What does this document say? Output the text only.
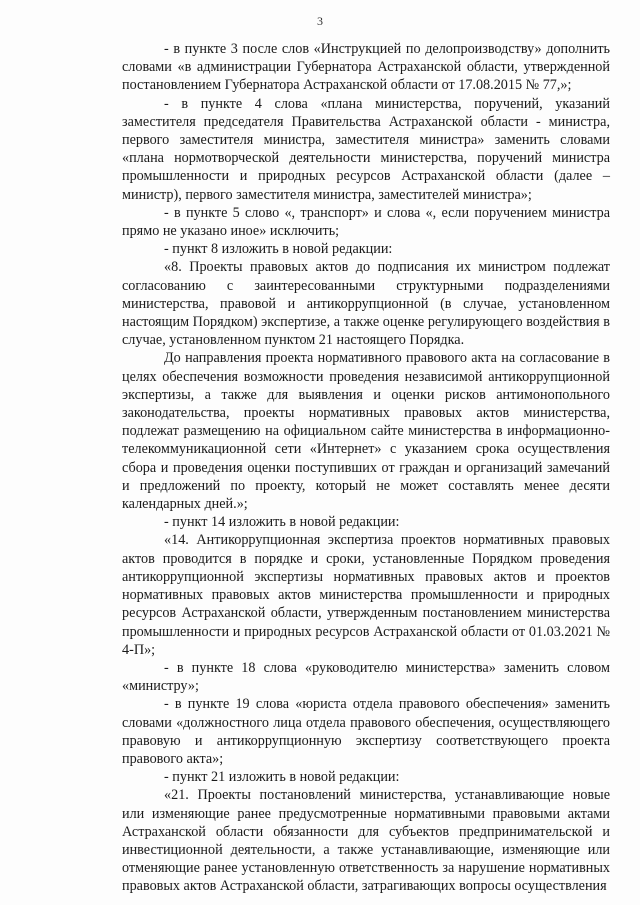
3

- в пункте 3 после слов «Инструкцией по делопроизводству» дополнить словами «в администрации Губернатора Астраханской области, утвержденной постановлением Губернатора Астраханской области от 17.08.2015 № 77,»;

- в пункте 4 слова «плана министерства, поручений, указаний заместителя председателя Правительства Астраханской области - министра, первого заместителя министра, заместителя министра» заменить словами «плана нормотворческой деятельности министерства, поручений министра промышленности и природных ресурсов Астраханской области (далее – министр), первого заместителя министра, заместителей министра»;

- в пункте 5 слово «, транспорт» и слова «, если поручением министра прямо не указано иное» исключить;

- пункт 8 изложить в новой редакции:

«8. Проекты правовых актов до подписания их министром подлежат согласованию с заинтересованными структурными подразделениями министерства, правовой и антикоррупционной (в случае, установленном настоящим Порядком) экспертизе, а также оценке регулирующего воздействия в случае, установленном пунктом 21 настоящего Порядка.

До направления проекта нормативного правового акта на согласование в целях обеспечения возможности проведения независимой антикоррупционной экспертизы, а также для выявления и оценки рисков антимонопольного законодательства, проекты нормативных правовых актов министерства, подлежат размещению на официальном сайте министерства в информационно-телекоммуникационной сети «Интернет» с указанием срока осуществления сбора и проведения оценки поступивших от граждан и организаций замечаний и предложений по проекту, который не может составлять менее десяти календарных дней.»;

- пункт 14 изложить в новой редакции:

«14. Антикоррупционная экспертиза проектов нормативных правовых актов проводится в порядке и сроки, установленные Порядком проведения антикоррупционной экспертизы нормативных правовых актов и проектов нормативных правовых актов министерства промышленности и природных ресурсов Астраханской области, утвержденным постановлением министерства промышленности и природных ресурсов Астраханской области от 01.03.2021 № 4-П»;

- в пункте 18 слова «руководителю министерства» заменить словом «министру»;

- в пункте 19 слова «юриста отдела правового обеспечения» заменить словами «должностного лица отдела правового обеспечения, осуществляющего правовую и антикоррупционную экспертизу соответствующего проекта правового акта»;

- пункт 21 изложить в новой редакции:

«21. Проекты постановлений министерства, устанавливающие новые или изменяющие ранее предусмотренные нормативными правовыми актами Астраханской области обязанности для субъектов предпринимательской и инвестиционной деятельности, а также устанавливающие, изменяющие или отменяющие ранее установленную ответственность за нарушение нормативных правовых актов Астраханской области, затрагивающих вопросы осуществления
